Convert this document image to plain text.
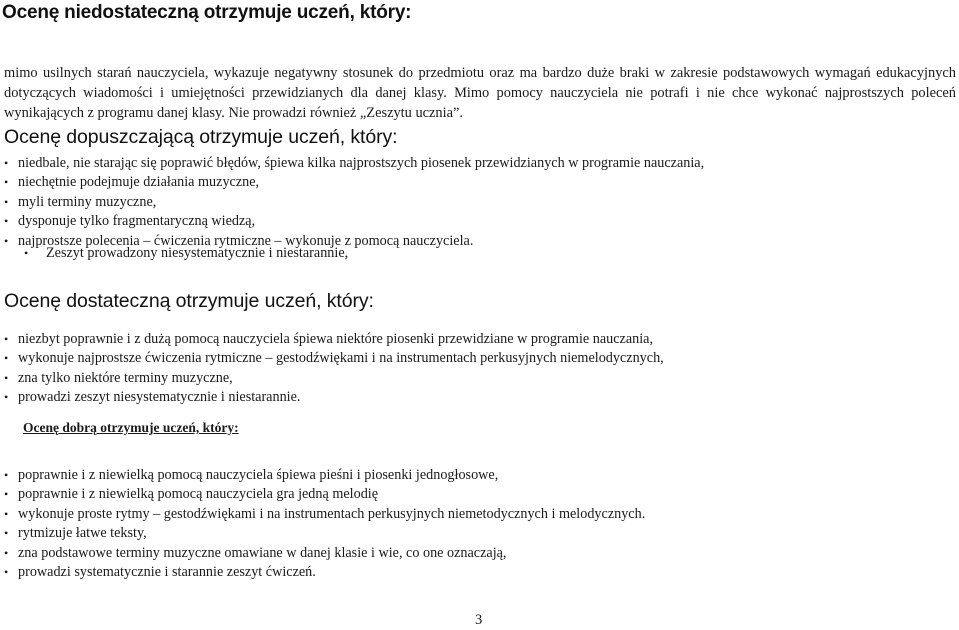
Ocenę niedostateczną otrzymuje uczeń, który:

mimo usilnych starań nauczyciela, wykazuje negatywny stosunek do przedmiotu oraz ma bardzo duże braki w zakresie podstawowych wymagań edukacyjnych dotyczących wiadomości i umiejętności przewidzianych dla danej klasy. Mimo pomocy nauczyciela nie potrafi i nie chce wykonać najprostszych poleceń wynikających z programu danej klasy. Nie prowadzi również „Zeszytu ucznia”.

Ocenę dopuszczającą otrzymuje uczeń, który:
• niedbale, nie starając się poprawić błędów, śpiewa kilka najprostszych piosenek przewidzianych w programie nauczania,
• niechętnie podejmuje działania muzyczne,
• myli terminy muzyczne,
• dysponuje tylko fragmentaryczną wiedzą,
• najprostsze polecenia – ćwiczenia rytmiczne – wykonuje z pomocą nauczyciela.

• Zeszyt prowadzony niesystematycznie i niestarannie,

Ocenę dostateczną otrzymuje uczeń, który:
• niezbyt poprawnie i z dużą pomocą nauczyciela śpiewa niektóre piosenki przewidziane w programie nauczania,
• wykonuje najprostsze ćwiczenia rytmiczne – gestodźwiękami i na instrumentach perkusyjnych niemelodycznych,
• zna tylko niektóre terminy muzyczne,
• prowadzi zeszyt niesystematycznie i niestarannie.
Ocenę dobrą otrzymuje uczeń, który:
• poprawnie i z niewielką pomocą nauczyciela śpiewa pieśni i piosenki jednogłosowe,
• poprawnie i z niewielką pomocą nauczyciela gra jedną melodię
• wykonuje proste rytmy – gestodźwiękami i na instrumentach perkusyjnych niemetodycznych i melodycznych.
• rytmizuje łatwe teksty,
• zna podstawowe terminy muzyczne omawiane w danej klasie i wie, co one oznaczają,
• prowadzi systematycznie i starannie zeszyt ćwiczeń.

3
